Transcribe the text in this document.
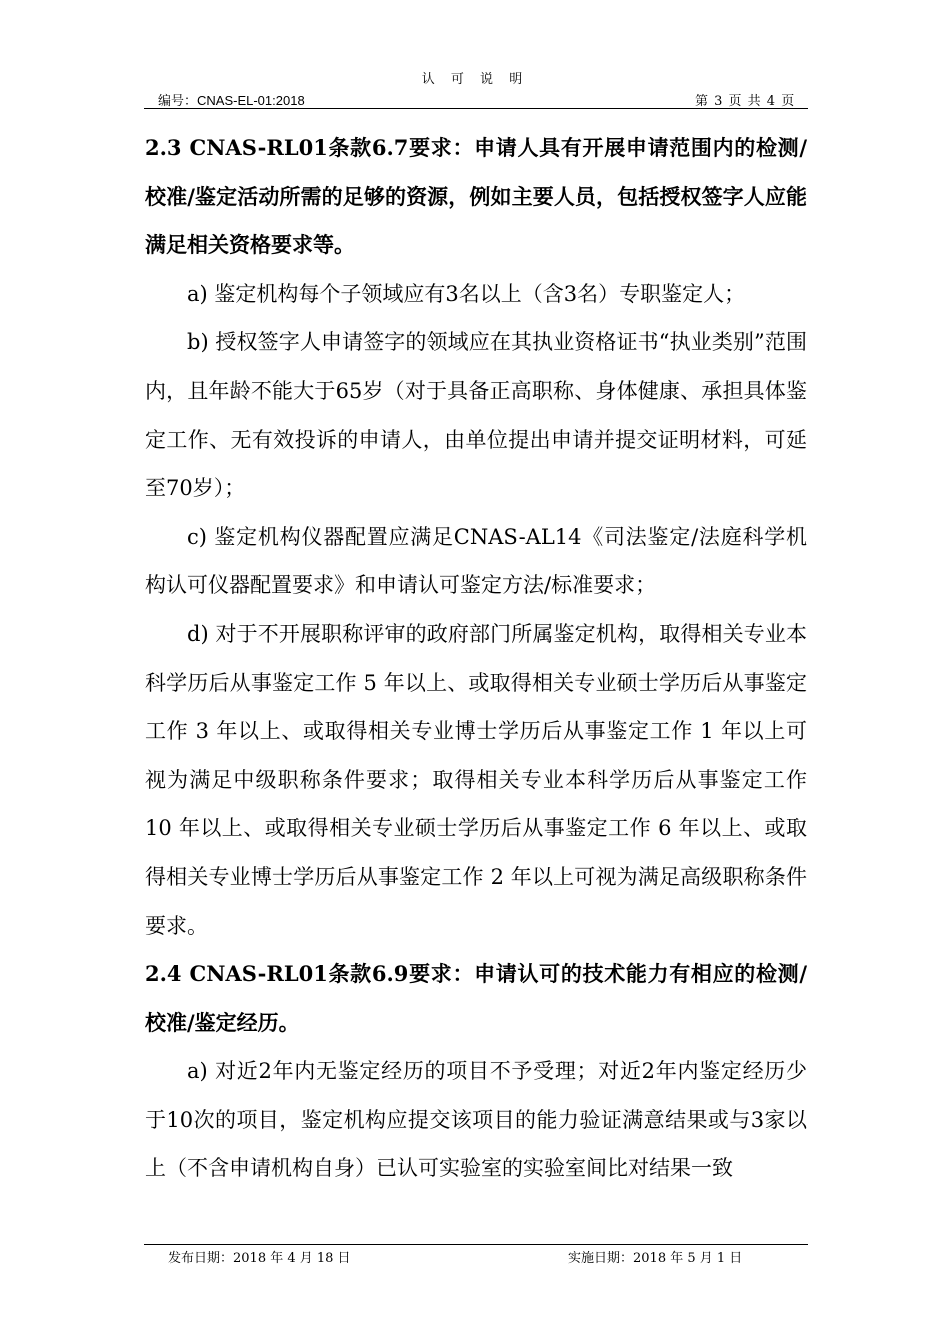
认 可 说 明
编号：CNAS-EL-01:2018	第 3 页 共 4 页

2.3 CNAS-RL01条款6.7要求：申请人具有开展申请范围内的检测/校准/鉴定活动所需的足够的资源，例如主要人员，包括授权签字人应能满足相关资格要求等。

a) 鉴定机构每个子领域应有3名以上（含3名）专职鉴定人；

b) 授权签字人申请签字的领域应在其执业资格证书“执业类别”范围内，且年龄不能大于65岁（对于具备正高职称、身体健康、承担具体鉴定工作、无有效投诉的申请人，由单位提出申请并提交证明材料，可延至70岁）；

c) 鉴定机构仪器配置应满足CNAS-AL14《司法鉴定/法庭科学机构认可仪器配置要求》和申请认可鉴定方法/标准要求；

d) 对于不开展职称评审的政府部门所属鉴定机构，取得相关专业本科学历后从事鉴定工作 5 年以上、或取得相关专业硕士学历后从事鉴定工作 3 年以上、或取得相关专业博士学历后从事鉴定工作 1 年以上可视为满足中级职称条件要求；取得相关专业本科学历后从事鉴定工作 10 年以上、或取得相关专业硕士学历后从事鉴定工作 6 年以上、或取得相关专业博士学历后从事鉴定工作 2 年以上可视为满足高级职称条件要求。

2.4 CNAS-RL01条款6.9要求：申请认可的技术能力有相应的检测/校准/鉴定经历。

a) 对近2年内无鉴定经历的项目不予受理；对近2年内鉴定经历少于10次的项目，鉴定机构应提交该项目的能力验证满意结果或与3家以上（不含申请机构自身）已认可实验室的实验室间比对结果一致

发布日期：2018 年 4 月 18 日	实施日期：2018 年 5 月 1 日
